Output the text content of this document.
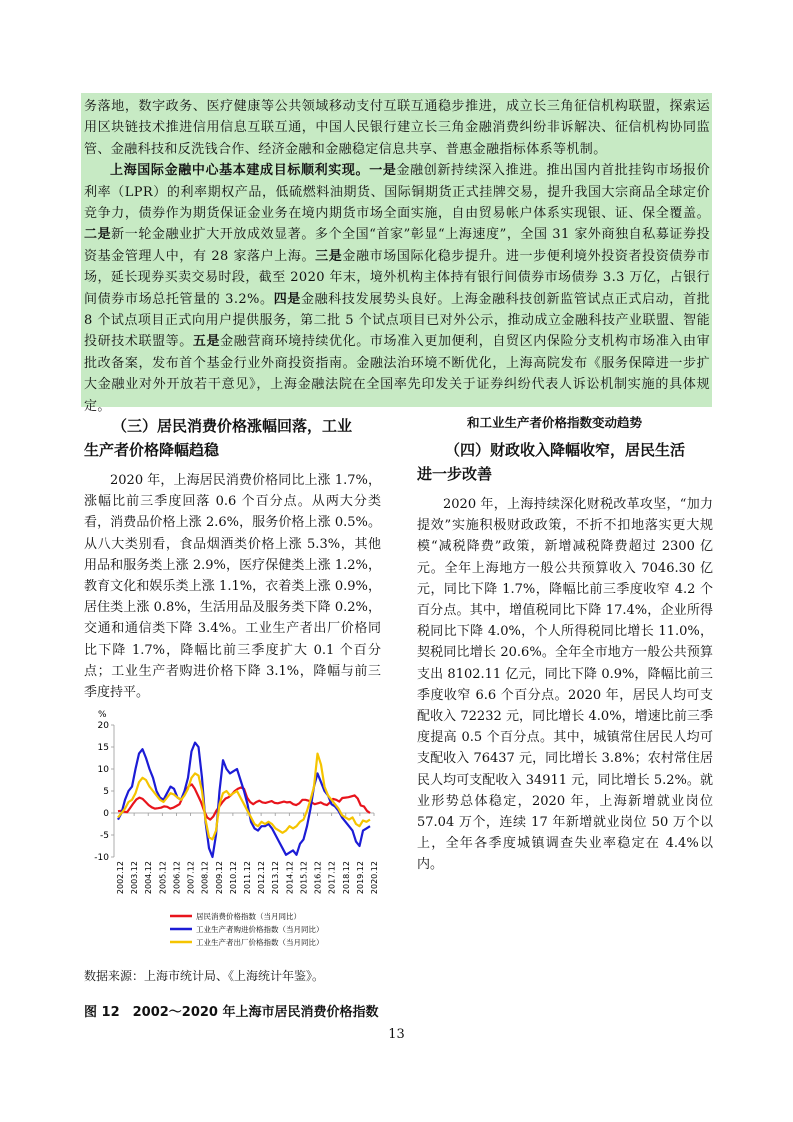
务落地，数字政务、医疗健康等公共领域移动支付互联互通稳步推进，成立长三角征信机构联盟，探索运用区块链技术推进信用信息互联互通，中国人民银行建立长三角金融消费纠纷非诉解决、征信机构协同监管、金融科技和反洗钱合作、经济金融和金融稳定信息共享、普惠金融指标体系等机制。

上海国际金融中心基本建成目标顺利实现。一是金融创新持续深入推进。推出国内首批挂钩市场报价利率（LPR）的利率期权产品，低硫燃料油期货、国际铜期货正式挂牌交易，提升我国大宗商品全球定价竞争力，债券作为期货保证金业务在境内期货市场全面实施，自由贸易帐户体系实现银、证、保全覆盖。二是新一轮金融业扩大开放成效显著。多个全国“首家”彰显“上海速度”，全国 31 家外商独自私募证券投资基金管理人中，有 28 家落户上海。三是金融市场国际化稳步提升。进一步便利境外投资者投资债券市场，延长现券买卖交易时段，截至 2020 年末，境外机构主体持有银行间债券市场债券 3.3 万亿，占银行间债券市场总托管量的 3.2%。四是金融科技发展势头良好。上海金融科技创新监管试点正式启动，首批 8 个试点项目正式向用户提供服务，第二批 5 个试点项目已对外公示，推动成立金融科技产业联盟、智能投研技术联盟等。五是金融营商环境持续优化。市场准入更加便利，自贸区内保险分支机构市场准入由审批改备案，发布首个基金行业外商投资指南。金融法治环境不断优化，上海高院发布《服务保障进一步扩大金融业对外开放若干意见》，上海金融法院在全国率先印发关于证券纠纷代表人诉讼机制实施的具体规定。

（三）居民消费价格涨幅回落，工业
生产者价格降幅趋稳

2020 年，上海居民消费价格同比上涨 1.7%，涨幅比前三季度回落 0.6 个百分点。从两大分类看，消费品价格上涨 2.6%，服务价格上涨 0.5%。从八大类别看，食品烟酒类价格上涨 5.3%，其他用品和服务类上涨 2.9%，医疗保健类上涨 1.2%，教育文化和娱乐类上涨 1.1%，衣着类上涨 0.9%，居住类上涨 0.8%，生活用品及服务类下降 0.2%，交通和通信类下降 3.4%。工业生产者出厂价格同比下降 1.7%，降幅比前三季度扩大 0.1 个百分点；工业生产者购进价格下降 3.1%，降幅与前三季度持平。

和工业生产者价格指数变动趋势

（四）财政收入降幅收窄，居民生活
进一步改善

2020 年，上海持续深化财税改革攻坚，“加力提效”实施积极财政政策，不折不扣地落实更大规模“减税降费”政策，新增减税降费超过 2300 亿元。全年上海地方一般公共预算收入 7046.30 亿元，同比下降 1.7%，降幅比前三季度收窄 4.2 个百分点。其中，增值税同比下降 17.4%，企业所得税同比下降 4.0%，个人所得税同比增长 11.0%，契税同比增长 20.6%。全年全市地方一般公共预算支出 8102.11 亿元，同比下降 0.9%，降幅比前三季度收窄 6.6 个百分点。2020 年，居民人均可支配收入 72232 元，同比增长 4.0%，增速比前三季度提高 0.5 个百分点。其中，城镇常住居民人均可支配收入 76437 元，同比增长 3.8%；农村常住居民人均可支配收入 34911 元，同比增长 5.2%。就业形势总体稳定，2020 年，上海新增就业岗位 57.04 万个，连续 17 年新增就业岗位 50 万个以上，全年各季度城镇调查失业率稳定在 4.4%以内。

%
20
15
10
5
0
-5
-10
2002.12 2003.12 2004.12 2005.12 2006.12 2007.12 2008.12 2009.12 2010.12 2011.12 2012.12 2013.12 2014.12 2015.12 2016.12 2017.12 2018.12 2019.12 2020.12
居民消费价格指数（当月同比）
工业生产者购进价格指数（当月同比）
工业生产者出厂价格指数（当月同比）
数据来源：上海市统计局、《上海统计年鉴》。
图 12　2002～2020 年上海市居民消费价格指数
13
